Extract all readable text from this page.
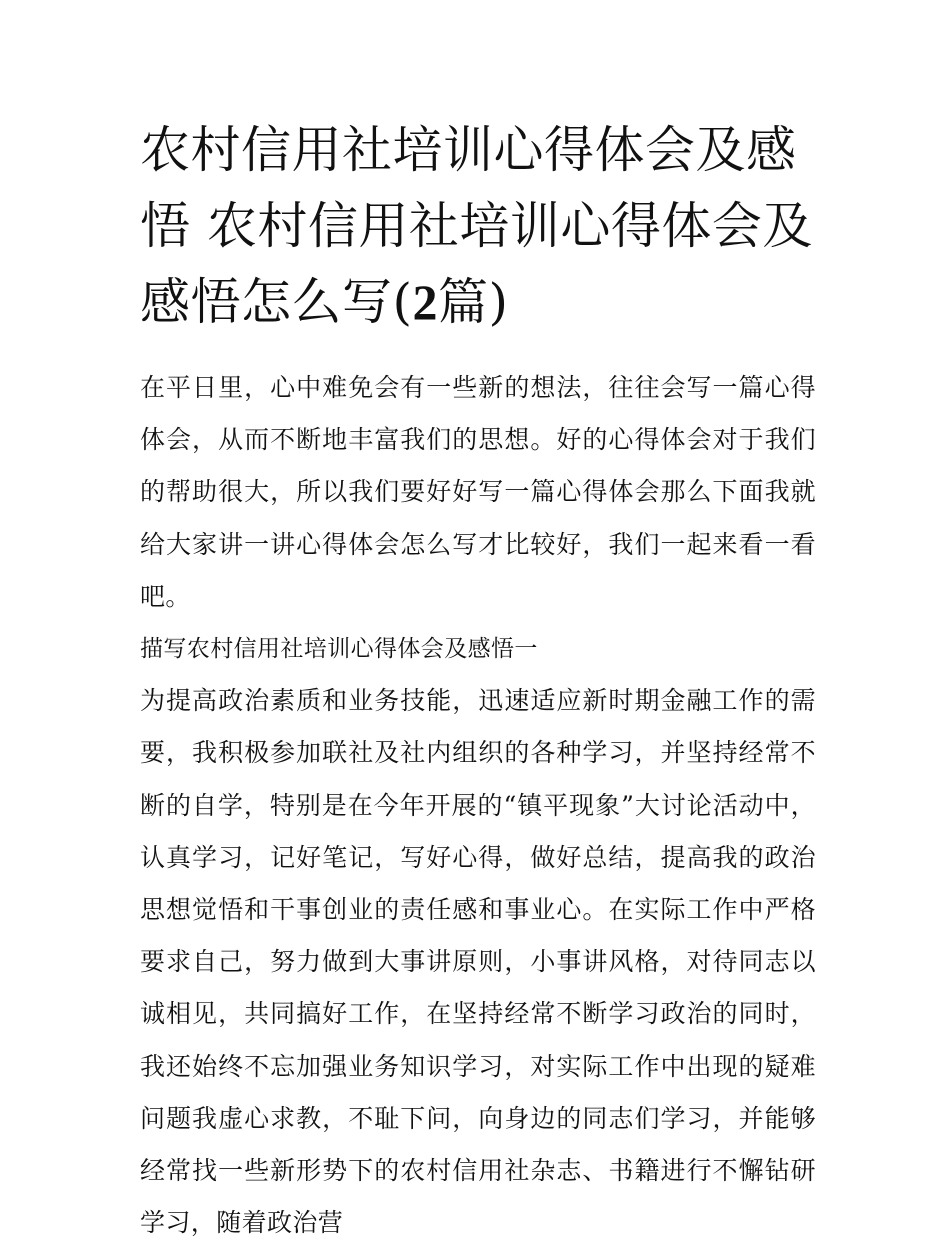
农村信用社培训心得体会及感悟 农村信用社培训心得体会及感悟怎么写(2篇)

在平日里，心中难免会有一些新的想法，往往会写一篇心得体会，从而不断地丰富我们的思想。好的心得体会对于我们的帮助很大，所以我们要好好写一篇心得体会那么下面我就给大家讲一讲心得体会怎么写才比较好，我们一起来看一看吧。

描写农村信用社培训心得体会及感悟一

为提高政治素质和业务技能，迅速适应新时期金融工作的需要，我积极参加联社及社内组织的各种学习，并坚持经常不断的自学，特别是在今年开展的“镇平现象”大讨论活动中，认真学习，记好笔记，写好心得，做好总结，提高我的政治思想觉悟和干事创业的责任感和事业心。在实际工作中严格要求自己，努力做到大事讲原则，小事讲风格，对待同志以诚相见，共同搞好工作，在坚持经常不断学习政治的同时，我还始终不忘加强业务知识学习，对实际工作中出现的疑难问题我虚心求教，不耻下问，向身边的同志们学习，并能够经常找一些新形势下的农村信用社杂志、书籍进行不懈钻研学习，随着政治营
